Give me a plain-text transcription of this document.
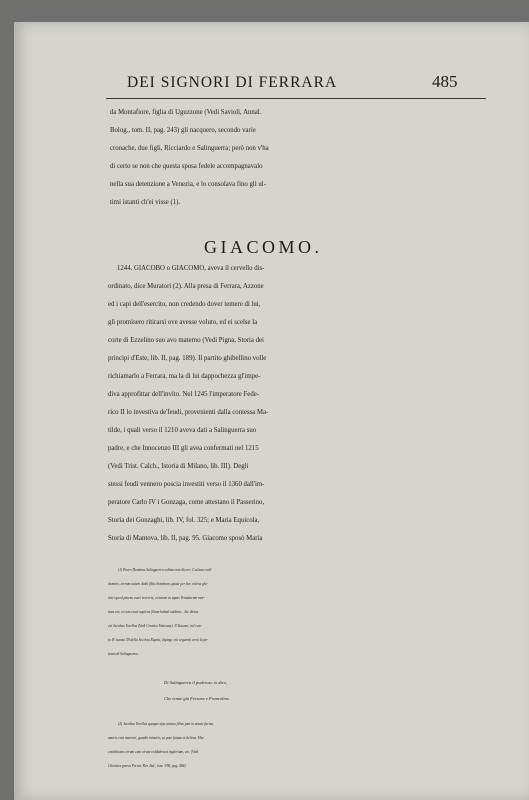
DEI SIGNORI DI FERRARA	485

da Montafiore, figlia di Uguzzone (Vedi Savioli, Annal.

Bolog., tom. II, pag. 243) gli nacquero, secondo varie

cronache, due figli, Ricciardo e Salinguerra; però non v'ha

di certo se non che questa sposa fedele accompagnavalo

nella sua detenzione a Venezia, e lo consolava fino gli ul-

timi istanti ch'ei visse (1).

GIACOMO.

1244. GIACOBO o GIACOMO, aveva il cervello dis-

ordinato, dice Muratori (2). Alla presa di Ferrara, Azzone

ed i capi dell'esercito, non credendo dover temere di lui,

gli promisero ritirarsi ove avesse voluto, ed ei scelse la

corte di Ezzelino suo avo materno (Vedi Pigna, Storia dei

principi d'Este, lib. II, pag. 189). Il partito ghibellino volle

richiamarlo a Ferrara, ma la di lui dappochezza gl'impe-

diva approfittar dell'invito. Nel 1245 l'imperatore Fede-

rico II lo investiva de'feudi, provenienti dalla contessa Ma-

tilde, i quali verso il 1210 aveva dati a Salinguerra suo

padre, e che Innocenzo III gli avea confermati nel 1215

(Vedi Trist. Calch., Istoria di Milano, lib. III). Degli

stessi feudi vennero poscia investiti verso il 1360 dall'im-

peratore Carlo IV i Gonzaga, come attestano il Passerino,

Storia dei Gonzaghi, lib. IV, fol. 325; e Maria Equicola,

Storia di Mantova, lib. II, pag. 95. Giacomo sposò Maria

(1) Porro Dominus Salinguerra solitus erat dicere: Coelum coeli

domino, terram autem dedit filiis hominum, quasi per hoc volens glo-

riari quod potens esset in terris, et tamen in aquis Venatiarum mor-

tuus est; et cum esset sapiens filium habuit stultum... hic dictus

est Jacobus Torellus (Vedi Cronica Vaticana). Il Tassoni, nel can-

to IV stanza 59 della Secchia Rapita, dipinge coi seguenti versi la po-

tenza di Salinguerra;

Di Salinguerra il poderoso io dico,

Che tenne già Ferrara e Francolino.

(2) Jacobus Torellus quoque ejus unicus filius jam in aetate factus,

amicis erat maerori, gaudio inimicis, ut pote fatuus et delirus. Hae

conditiones rerum cum virum reddiderunt inglorium, etc. (Vedi

Chronica parva Ferrar. Rer. Ital., tom. VIII, pag. 484).
